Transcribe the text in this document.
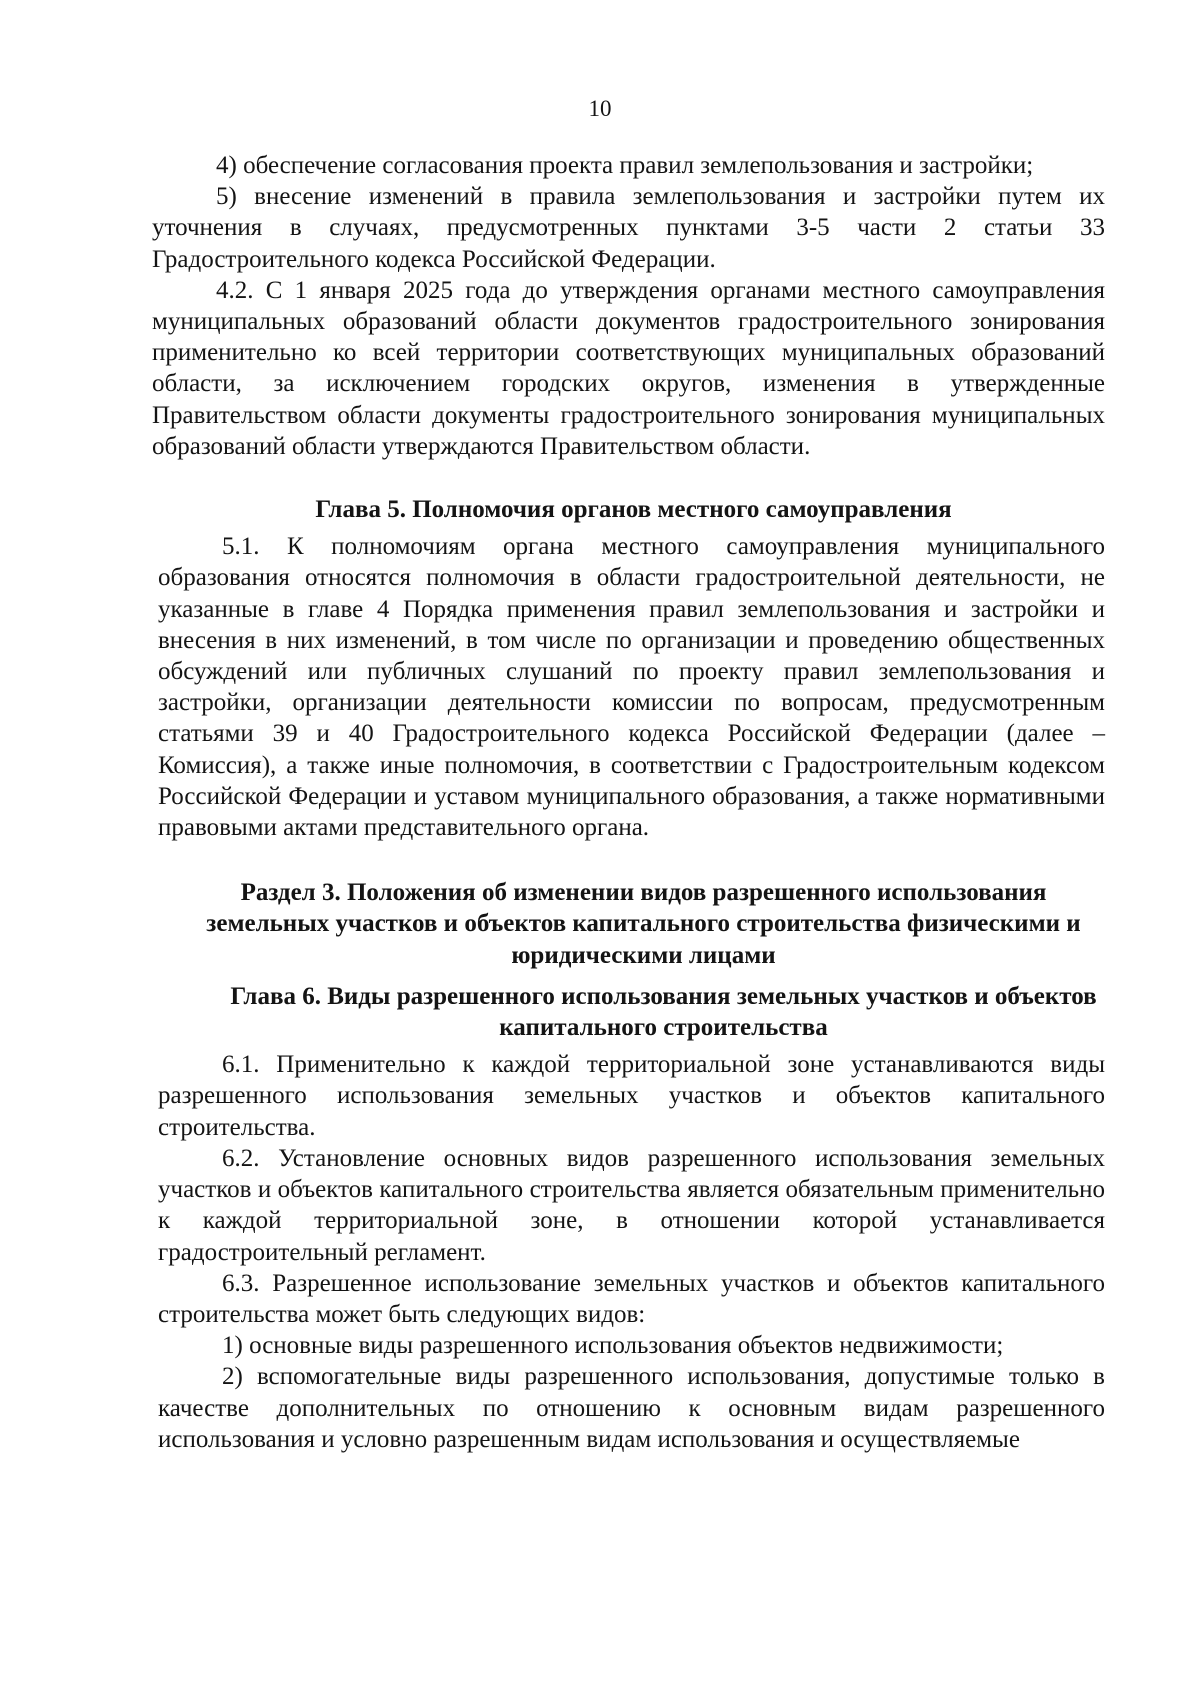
10

4) обеспечение согласования проекта правил землепользования и застройки;

5) внесение изменений в правила землепользования и застройки путем их уточнения в случаях, предусмотренных пунктами 3-5 части 2 статьи 33 Градостроительного кодекса Российской Федерации.

4.2. С 1 января 2025 года до утверждения органами местного самоуправления муниципальных образований области документов градостроительного зонирования применительно ко всей территории соответствующих муниципальных образований области, за исключением городских округов, изменения в утвержденные Правительством области документы градостроительного зонирования муниципальных образований области утверждаются Правительством области.

Глава 5. Полномочия органов местного самоуправления

5.1. К полномочиям органа местного самоуправления муниципального образования относятся полномочия в области градостроительной деятельности, не указанные в главе 4 Порядка применения правил землепользования и застройки и внесения в них изменений, в том числе по организации и проведению общественных обсуждений или публичных слушаний по проекту правил землепользования и застройки, организации деятельности комиссии по вопросам, предусмотренным статьями 39 и 40 Градостроительного кодекса Российской Федерации (далее – Комиссия), а также иные полномочия, в соответствии с Градостроительным кодексом Российской Федерации и уставом муниципального образования, а также нормативными правовыми актами представительного органа.

Раздел 3. Положения об изменении видов разрешенного использования земельных участков и объектов капитального строительства физическими и юридическими лицами
Глава 6. Виды разрешенного использования земельных участков и объектов капитального строительства

6.1. Применительно к каждой территориальной зоне устанавливаются виды разрешенного использования земельных участков и объектов капитального строительства.

6.2. Установление основных видов разрешенного использования земельных участков и объектов капитального строительства является обязательным применительно к каждой территориальной зоне, в отношении которой устанавливается градостроительный регламент.

6.3. Разрешенное использование земельных участков и объектов капитального строительства может быть следующих видов:

1) основные виды разрешенного использования объектов недвижимости;

2) вспомогательные виды разрешенного использования, допустимые только в качестве дополнительных по отношению к основным видам разрешенного использования и условно разрешенным видам использования и осуществляемые
